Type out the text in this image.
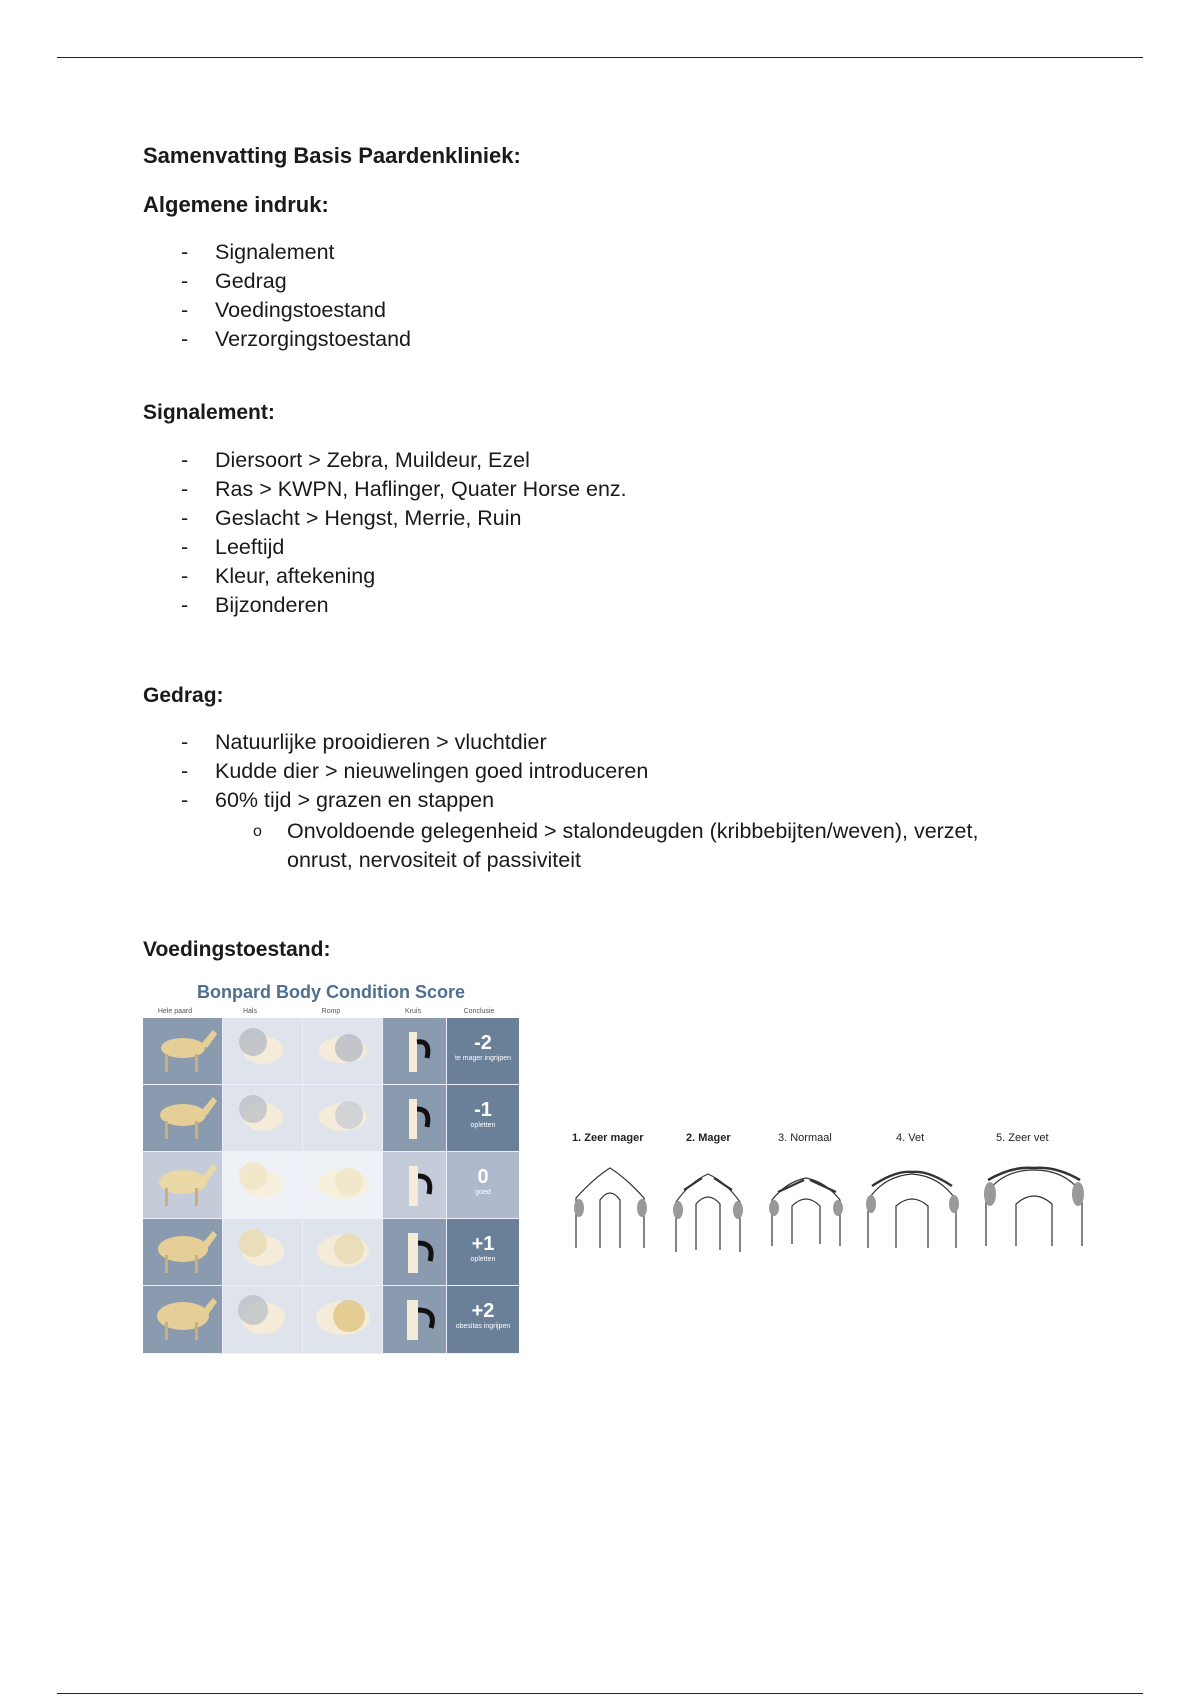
Samenvatting Basis Paardenkliniek:
Algemene indruk:
- Signalement
- Gedrag
- Voedingstoestand
- Verzorgingstoestand
Signalement:
- Diersoort > Zebra, Muildeur, Ezel
- Ras > KWPN, Haflinger, Quater Horse enz.
- Geslacht > Hengst, Merrie, Ruin
- Leeftijd
- Kleur, aftekening
- Bijzonderen
Gedrag:
- Natuurlijke prooidieren > vluchtdier
- Kudde dier > nieuwelingen goed introduceren
- 60% tijd > grazen en stappen
o Onvoldoende gelegenheid > stalondeugden (kribbebijten/weven), verzet, onrust, nervositeit of passiviteit
Voedingstoestand:
Bonpard Body Condition Score
Hele paard	Hals	Romp	Kruis	Conclusie
-2
te mager ingrijpen
-1
opletten
0
goed
+1
opletten
+2
obesitas ingrijpen
1. Zeer mager	2. Mager	3. Normaal	4. Vet	5. Zeer vet
